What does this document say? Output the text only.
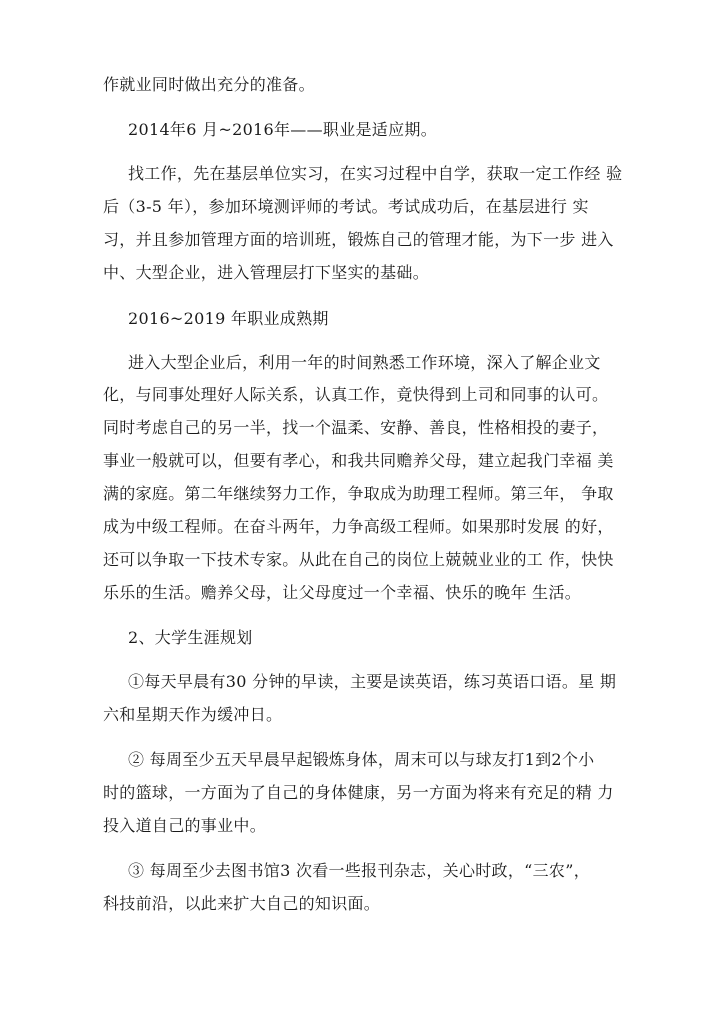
作就业同时做出充分的准备。
2014年6 月~2016年——职业是适应期。
找工作，先在基层单位实习，在实习过程中自学，获取一定工作经 验
后（3-5 年），参加环境测评师的考试。考试成功后，在基层进行 实
习，并且参加管理方面的培训班，锻炼自己的管理才能，为下一步 进入
中、大型企业，进入管理层打下坚实的基础。
2016~2019 年职业成熟期
进入大型企业后，利用一年的时间熟悉工作环境，深入了解企业文
化，与同事处理好人际关系，认真工作，竟快得到上司和同事的认可。
同时考虑自己的另一半，找一个温柔、安静、善良，性格相投的妻子，
事业一般就可以，但要有孝心，和我共同赡养父母，建立起我门幸福 美
满的家庭。第二年继续努力工作，争取成为助理工程师。第三年， 争取
成为中级工程师。在奋斗两年，力争高级工程师。如果那时发展 的好，
还可以争取一下技术专家。从此在自己的岗位上兢兢业业的工 作，快快
乐乐的生活。赡养父母，让父母度过一个幸福、快乐的晚年 生活。
2、大学生涯规划
①每天早晨有30 分钟的早读，主要是读英语，练习英语口语。星 期
六和星期天作为缓冲日。
② 每周至少五天早晨早起锻炼身体，周末可以与球友打1到2个小
时的篮球，一方面为了自己的身体健康，另一方面为将来有充足的精 力
投入道自己的事业中。
③ 每周至少去图书馆3 次看一些报刊杂志，关心时政，“三农”，
科技前沿，以此来扩大自己的知识面。
